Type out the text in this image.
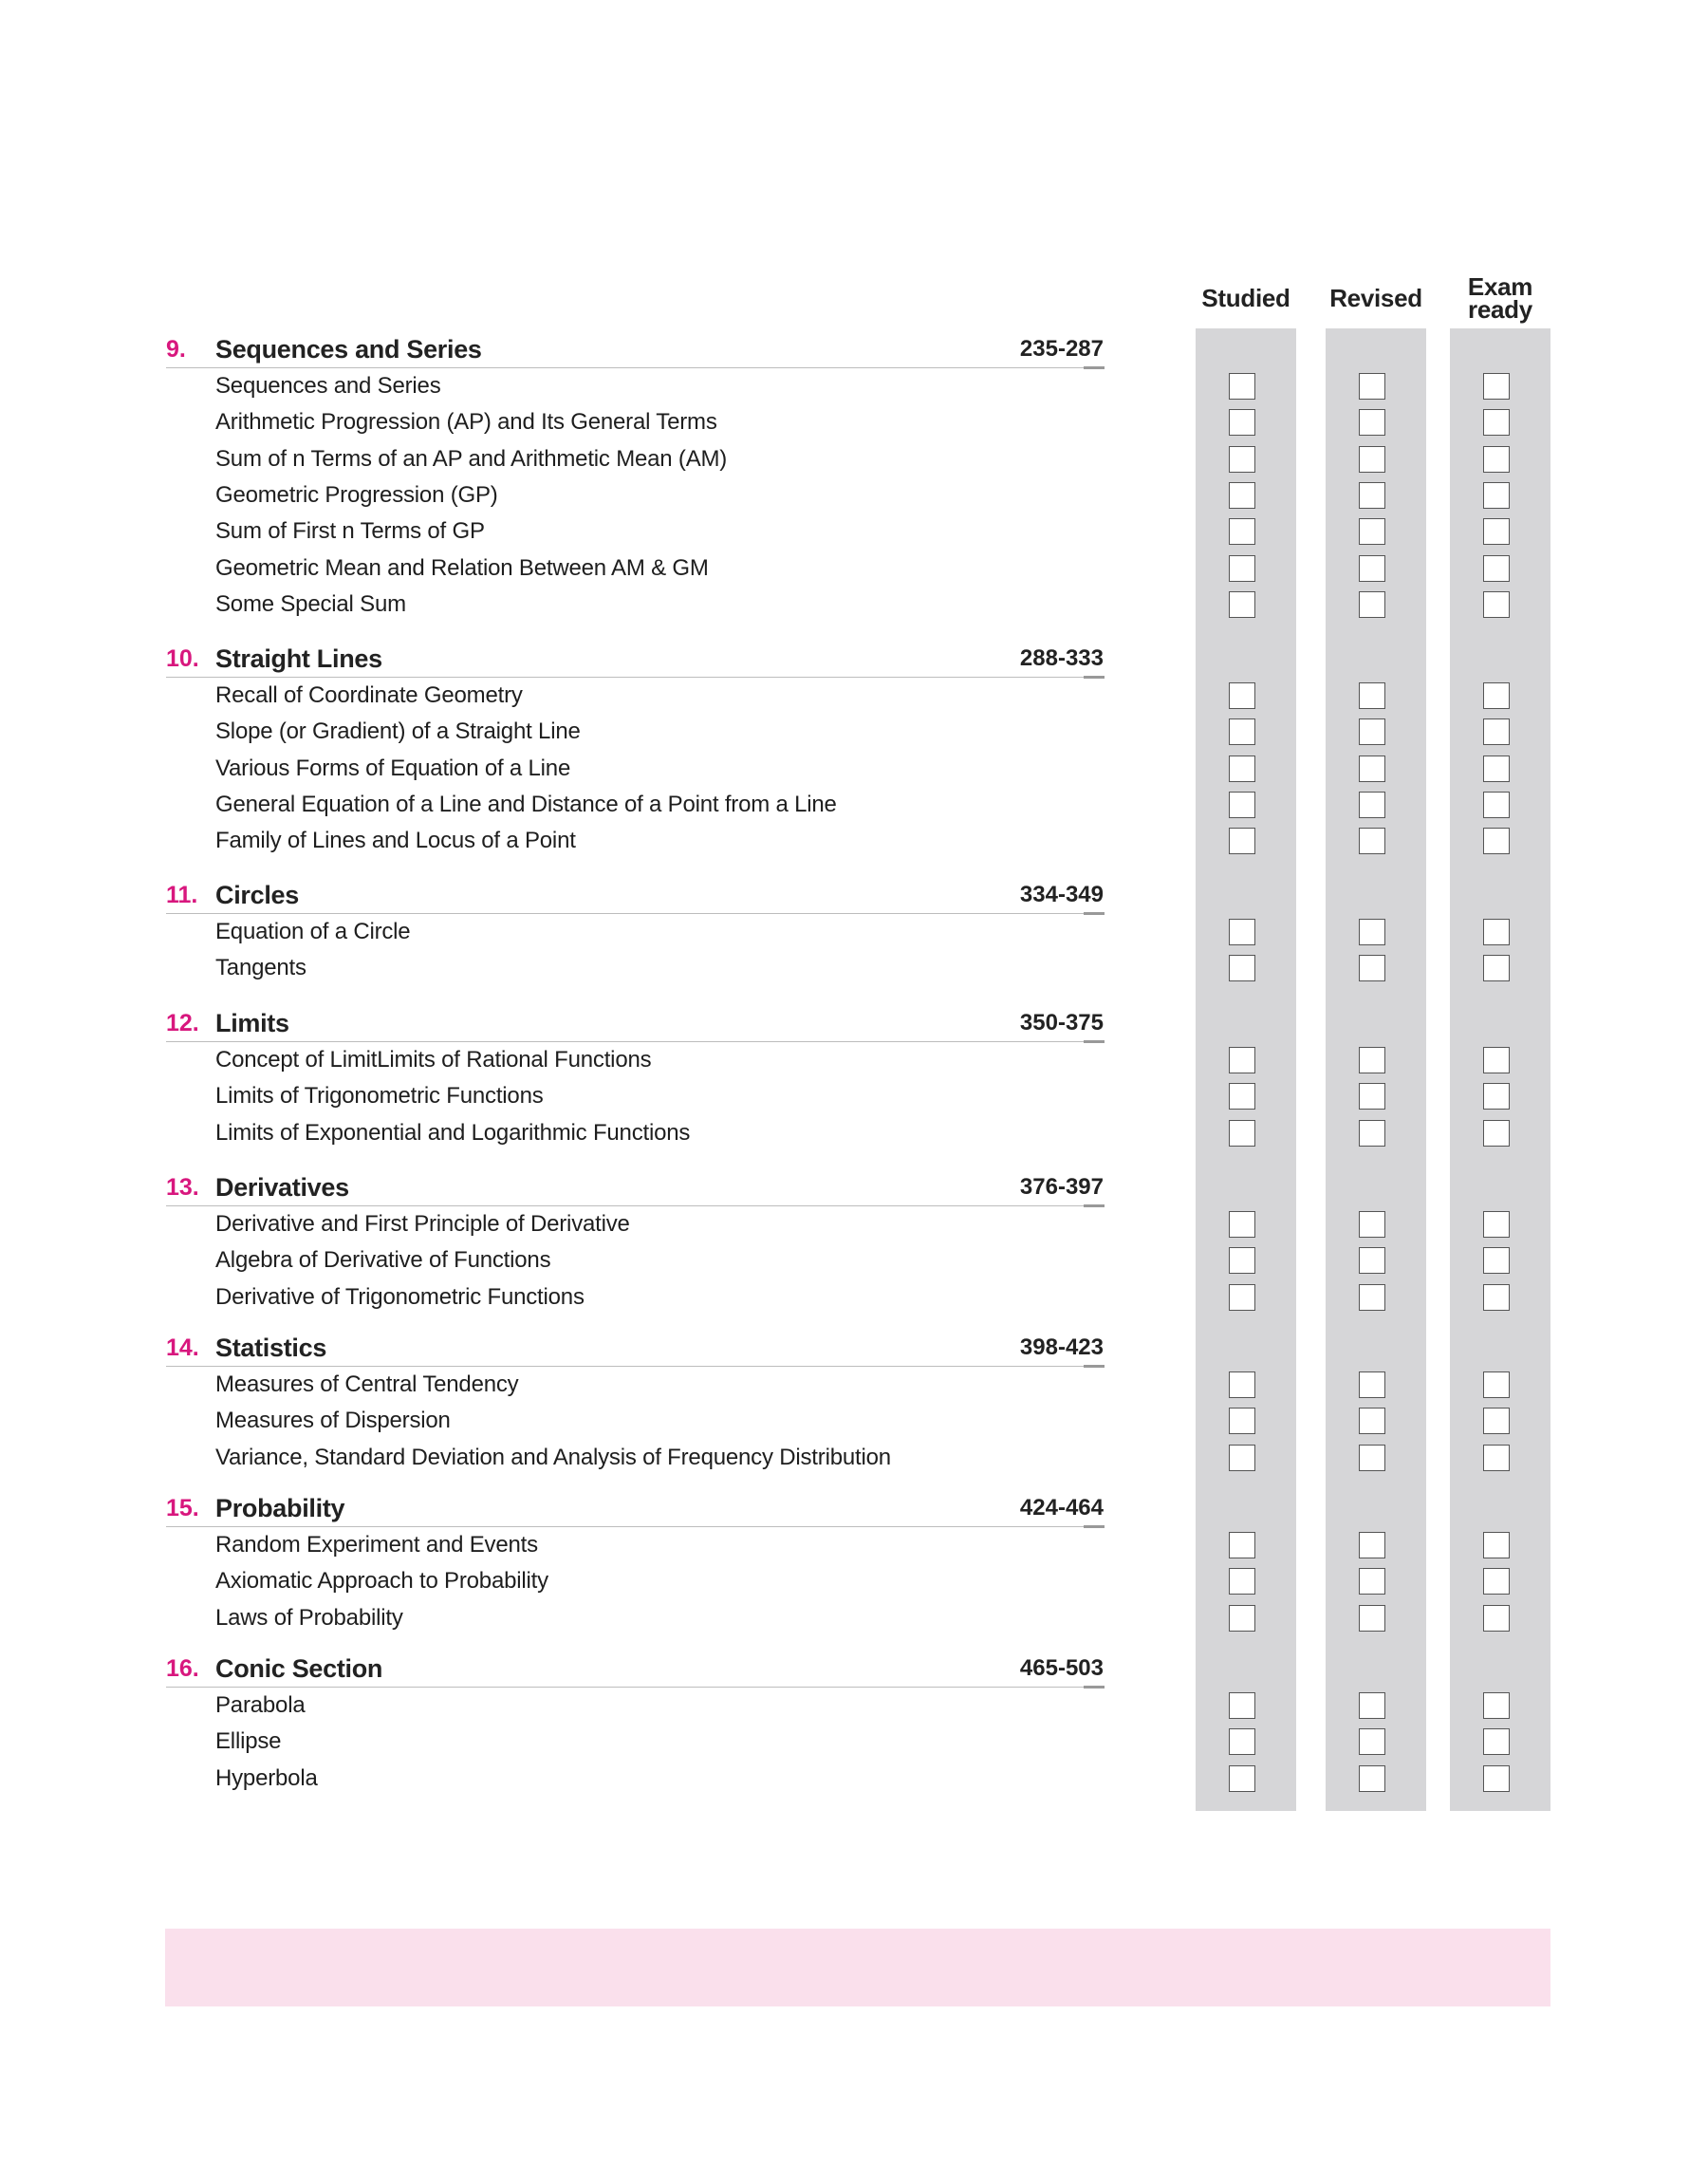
Studied	Revised	Exam
ready
9. Sequences and Series	235-287
Sequences and Series
Arithmetic Progression (AP) and Its General Terms
Sum of n Terms of an AP and Arithmetic Mean (AM)
Geometric Progression (GP)
Sum of First n Terms of GP
Geometric Mean and Relation Between AM & GM
Some Special Sum
10. Straight Lines	288-333
Recall of Coordinate Geometry
Slope (or Gradient) of a Straight Line
Various Forms of Equation of a Line
General Equation of a Line and Distance of a Point from a Line
Family of Lines and Locus of a Point
11. Circles	334-349
Equation of a Circle
Tangents
12. Limits	350-375
Concept of LimitLimits of Rational Functions
Limits of Trigonometric Functions
Limits of Exponential and Logarithmic Functions
13. Derivatives	376-397
Derivative and First Principle of Derivative
Algebra of Derivative of Functions
Derivative of Trigonometric Functions
14. Statistics	398-423
Measures of Central Tendency
Measures of Dispersion
Variance, Standard Deviation and Analysis of Frequency Distribution
15. Probability	424-464
Random Experiment and Events
Axiomatic Approach to Probability
Laws of Probability
16. Conic Section	465-503
Parabola
Ellipse
Hyperbola
